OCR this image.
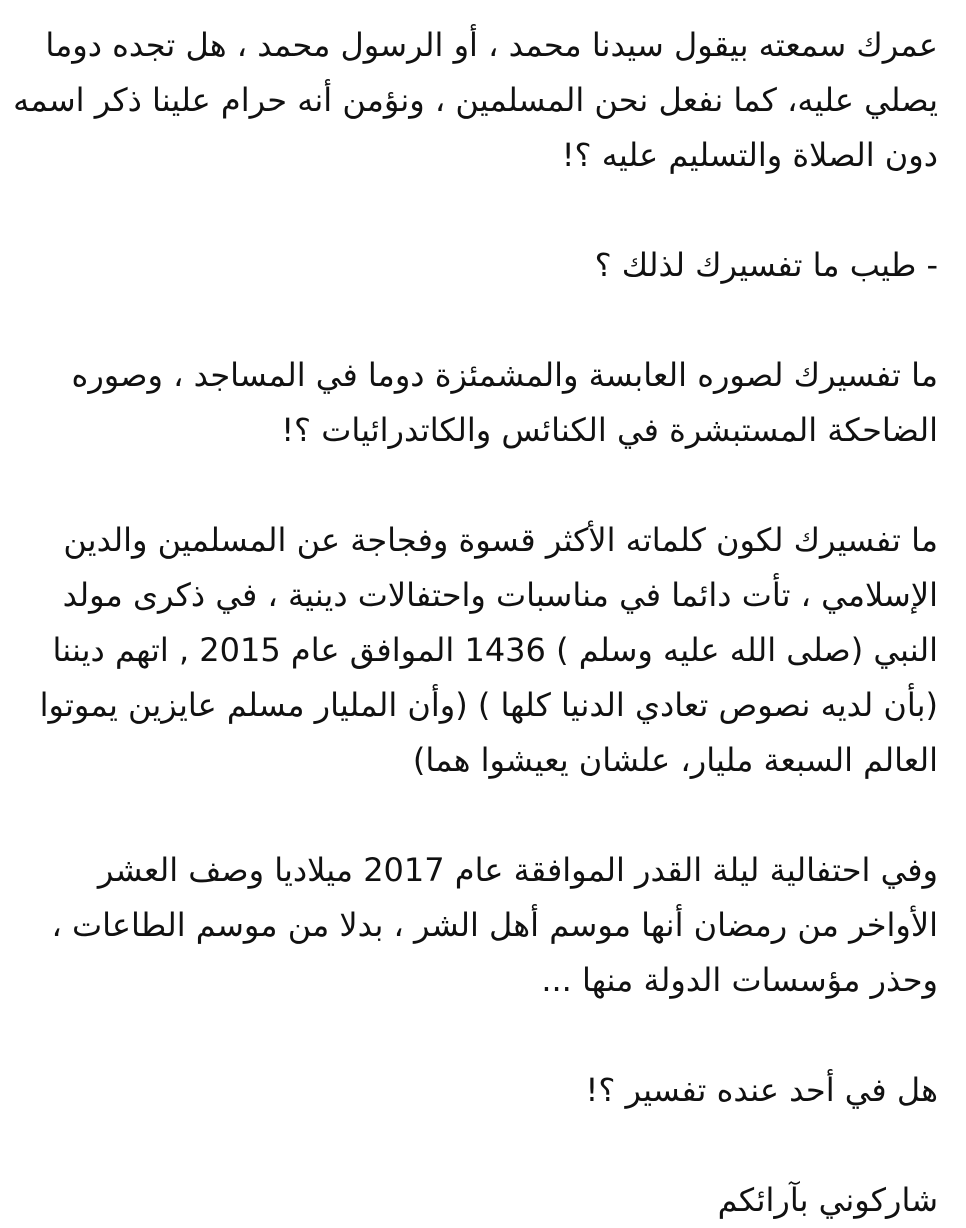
عمرك سمعته بيقول سيدنا محمد ، أو الرسول محمد ، هل تجده دوما
يصلي عليه، كما نفعل نحن المسلمين ، ونؤمن أنه حرام علينا ذكر اسمه
دون الصلاة والتسليم عليه ؟!
- طيب ما تفسيرك لذلك ؟
ما تفسيرك لصوره العابسة والمشمئزة دوما في المساجد ، وصوره
الضاحكة المستبشرة في الكنائس والكاتدرائيات ؟!
ما تفسيرك لكون كلماته الأكثر قسوة وفجاجة عن المسلمين والدين
الإسلامي ، تأت دائما في مناسبات واحتفالات دينية ، في ذكرى مولد
النبي (صلى الله عليه وسلم ) 1436 الموافق عام 2015 , اتهم ديننا
(بأن لديه نصوص تعادي الدنيا كلها ) (وأن المليار مسلم عايزين يموتوا
العالم السبعة مليار، علشان يعيشوا هما)
وفي احتفالية ليلة القدر الموافقة عام 2017 ميلاديا وصف العشر
الأواخر من رمضان أنها موسم أهل الشر ، بدلا من موسم الطاعات ،
وحذر مؤسسات الدولة منها ...
هل في أحد عنده تفسير ؟!
شاركوني بآرائكم
